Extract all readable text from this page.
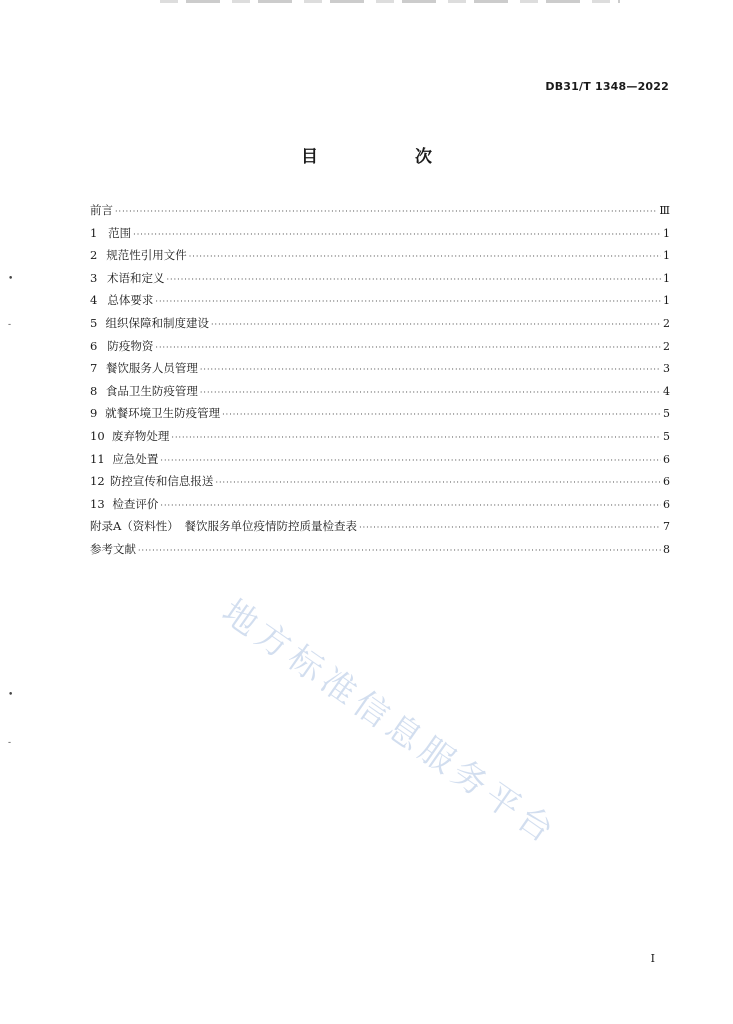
DB31/T 1348—2022
目　次
前言 ·····	Ⅲ
1 范围 ·····	1
2 规范性引用文件 ·····	1
3 术语和定义 ·····	1
4 总体要求 ·····	1
5 组织保障和制度建设 ·····	2
6 防疫物资 ·····	2
7 餐饮服务人员管理 ·····	3
8 食品卫生防疫管理 ·····	4
9 就餐环境卫生防疫管理 ·····	5
10 废弃物处理 ·····	5
11 应急处置 ·····	6
12 防控宣传和信息报送 ·····	6
13 检查评价 ·····	6
附录A（资料性）　餐饮服务单位疫情防控质量检查表 ·····	7
参考文献 ·····	8
•
-
•
-	地方标准信息服务平台
I
